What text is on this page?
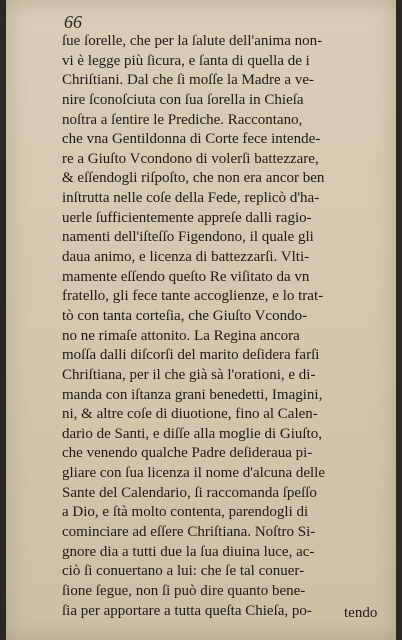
66
ſue ſorelle, che per la ſalute dell'anima non-
vi è legge più ſicura, e ſanta di quella de i
Chriſtiani. Dal che ſi moſſe la Madre a ve-
nire ſconoſciuta con ſua ſorella in Chieſa
noſtra a ſentire le Prediche. Raccontano,
che vna Gentildonna di Corte fece intende-
re a Giuſto Vcondono di volerſi battezzare,
& eſſendogli riſpoſto, che non era ancor ben
inſtrutta nelle coſe della Fede, replicò d'ha-
uerle ſufficientemente appreſe dalli ragio-
namenti dell'iſteſſo Figendono, il quale gli
daua animo, e licenza di battezzarſi. Vlti-
mamente eſſendo queſto Re viſitato da vn
fratello, gli fece tante accoglienze, e lo trat-
tò con tanta corteſia, che Giuſto Vcondo-
no ne rimaſe attonito. La Regina ancora
moſſa dalli diſcorſi del marito deſidera farſi
Chriſtiana, per il che già sà l'orationi, e di-
manda con iſtanza grani benedetti, Imagini,
ni, & altre coſe di diuotione, fino al Calen-
dario de Santi, e diſſe alla moglie di Giuſto,
che venendo qualche Padre deſideraua pi-
gliare con ſua licenza il nome d'alcuna delle
Sante del Calendario, ſi raccomanda ſpeſſo
a Dio, e ſtà molto contenta, parendogli di
cominciare ad eſſere Chriſtiana. Noſtro Si-
gnore dia a tutti due la ſua diuina luce, ac-
ciò ſi conuertano a lui: che ſe tal conuer-
ſione ſegue, non ſi può dire quanto bene-
ſia per apportare a tutta queſta Chieſa, po-	tendo
